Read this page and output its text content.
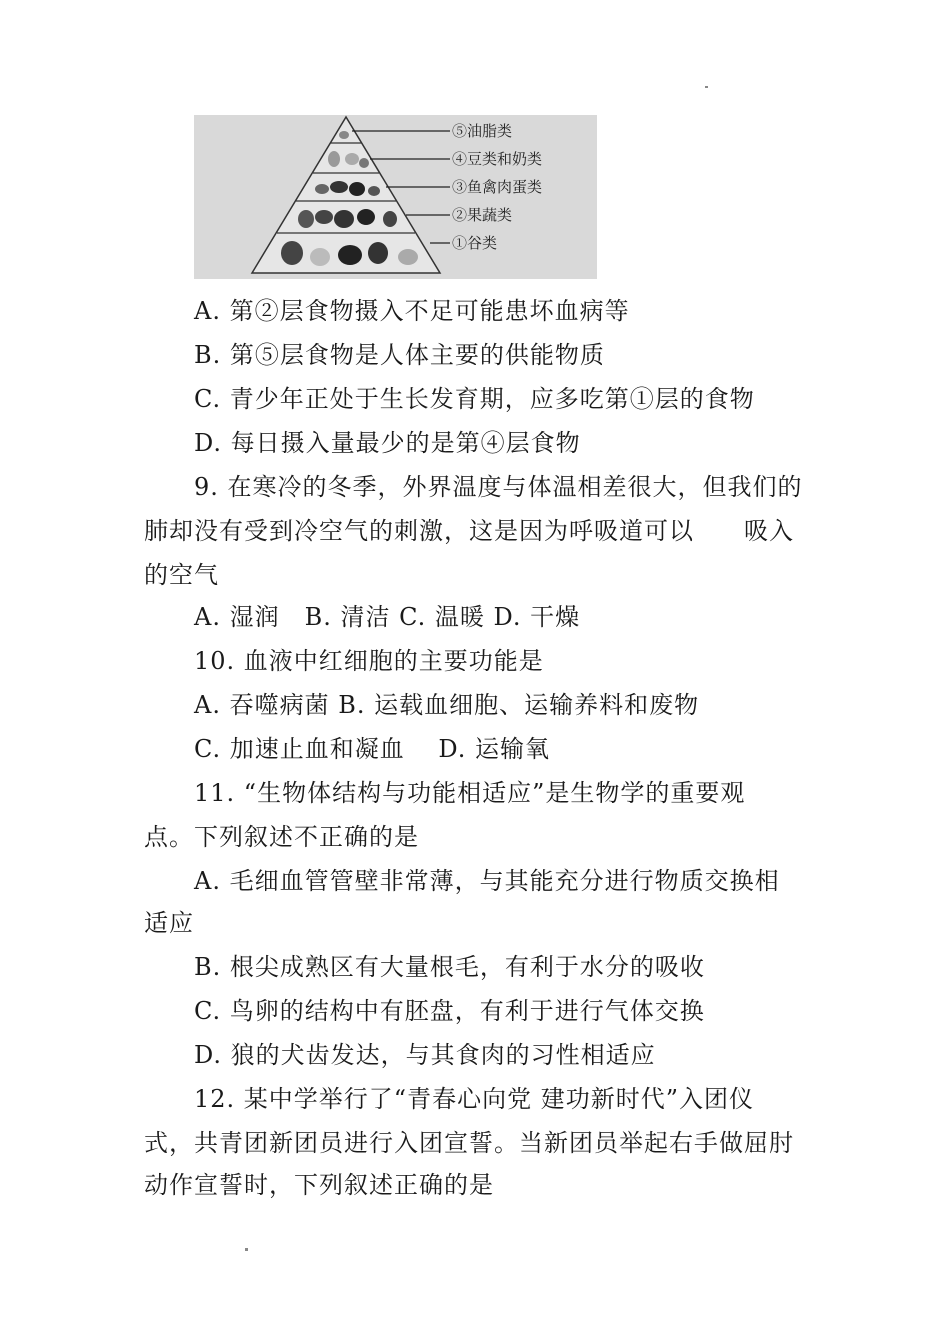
⑤油脂类
④豆类和奶类
③鱼禽肉蛋类
②果蔬类
①谷类
A. 第②层食物摄入不足可能患坏血病等
B. 第⑤层食物是人体主要的供能物质
C. 青少年正处于生长发育期，应多吃第①层的食物
D. 每日摄入量最少的是第④层食物
9. 在寒冷的冬季，外界温度与体温相差很大，但我们的
肺却没有受到冷空气的刺激，这是因为呼吸道可以　　吸入
的空气
A. 湿润　B. 清洁 C. 温暖 D. 干燥
10. 血液中红细胞的主要功能是
A. 吞噬病菌 B. 运载血细胞、运输养料和废物
C. 加速止血和凝血　 D. 运输氧
11. “生物体结构与功能相适应”是生物学的重要观
点。下列叙述不正确的是
A. 毛细血管管壁非常薄，与其能充分进行物质交换相
适应
B. 根尖成熟区有大量根毛，有利于水分的吸收
C. 鸟卵的结构中有胚盘，有利于进行气体交换
D. 狼的犬齿发达，与其食肉的习性相适应
12. 某中学举行了“青春心向党 建功新时代”入团仪
式，共青团新团员进行入团宣誓。当新团员举起右手做屈肘
动作宣誓时，下列叙述正确的是
